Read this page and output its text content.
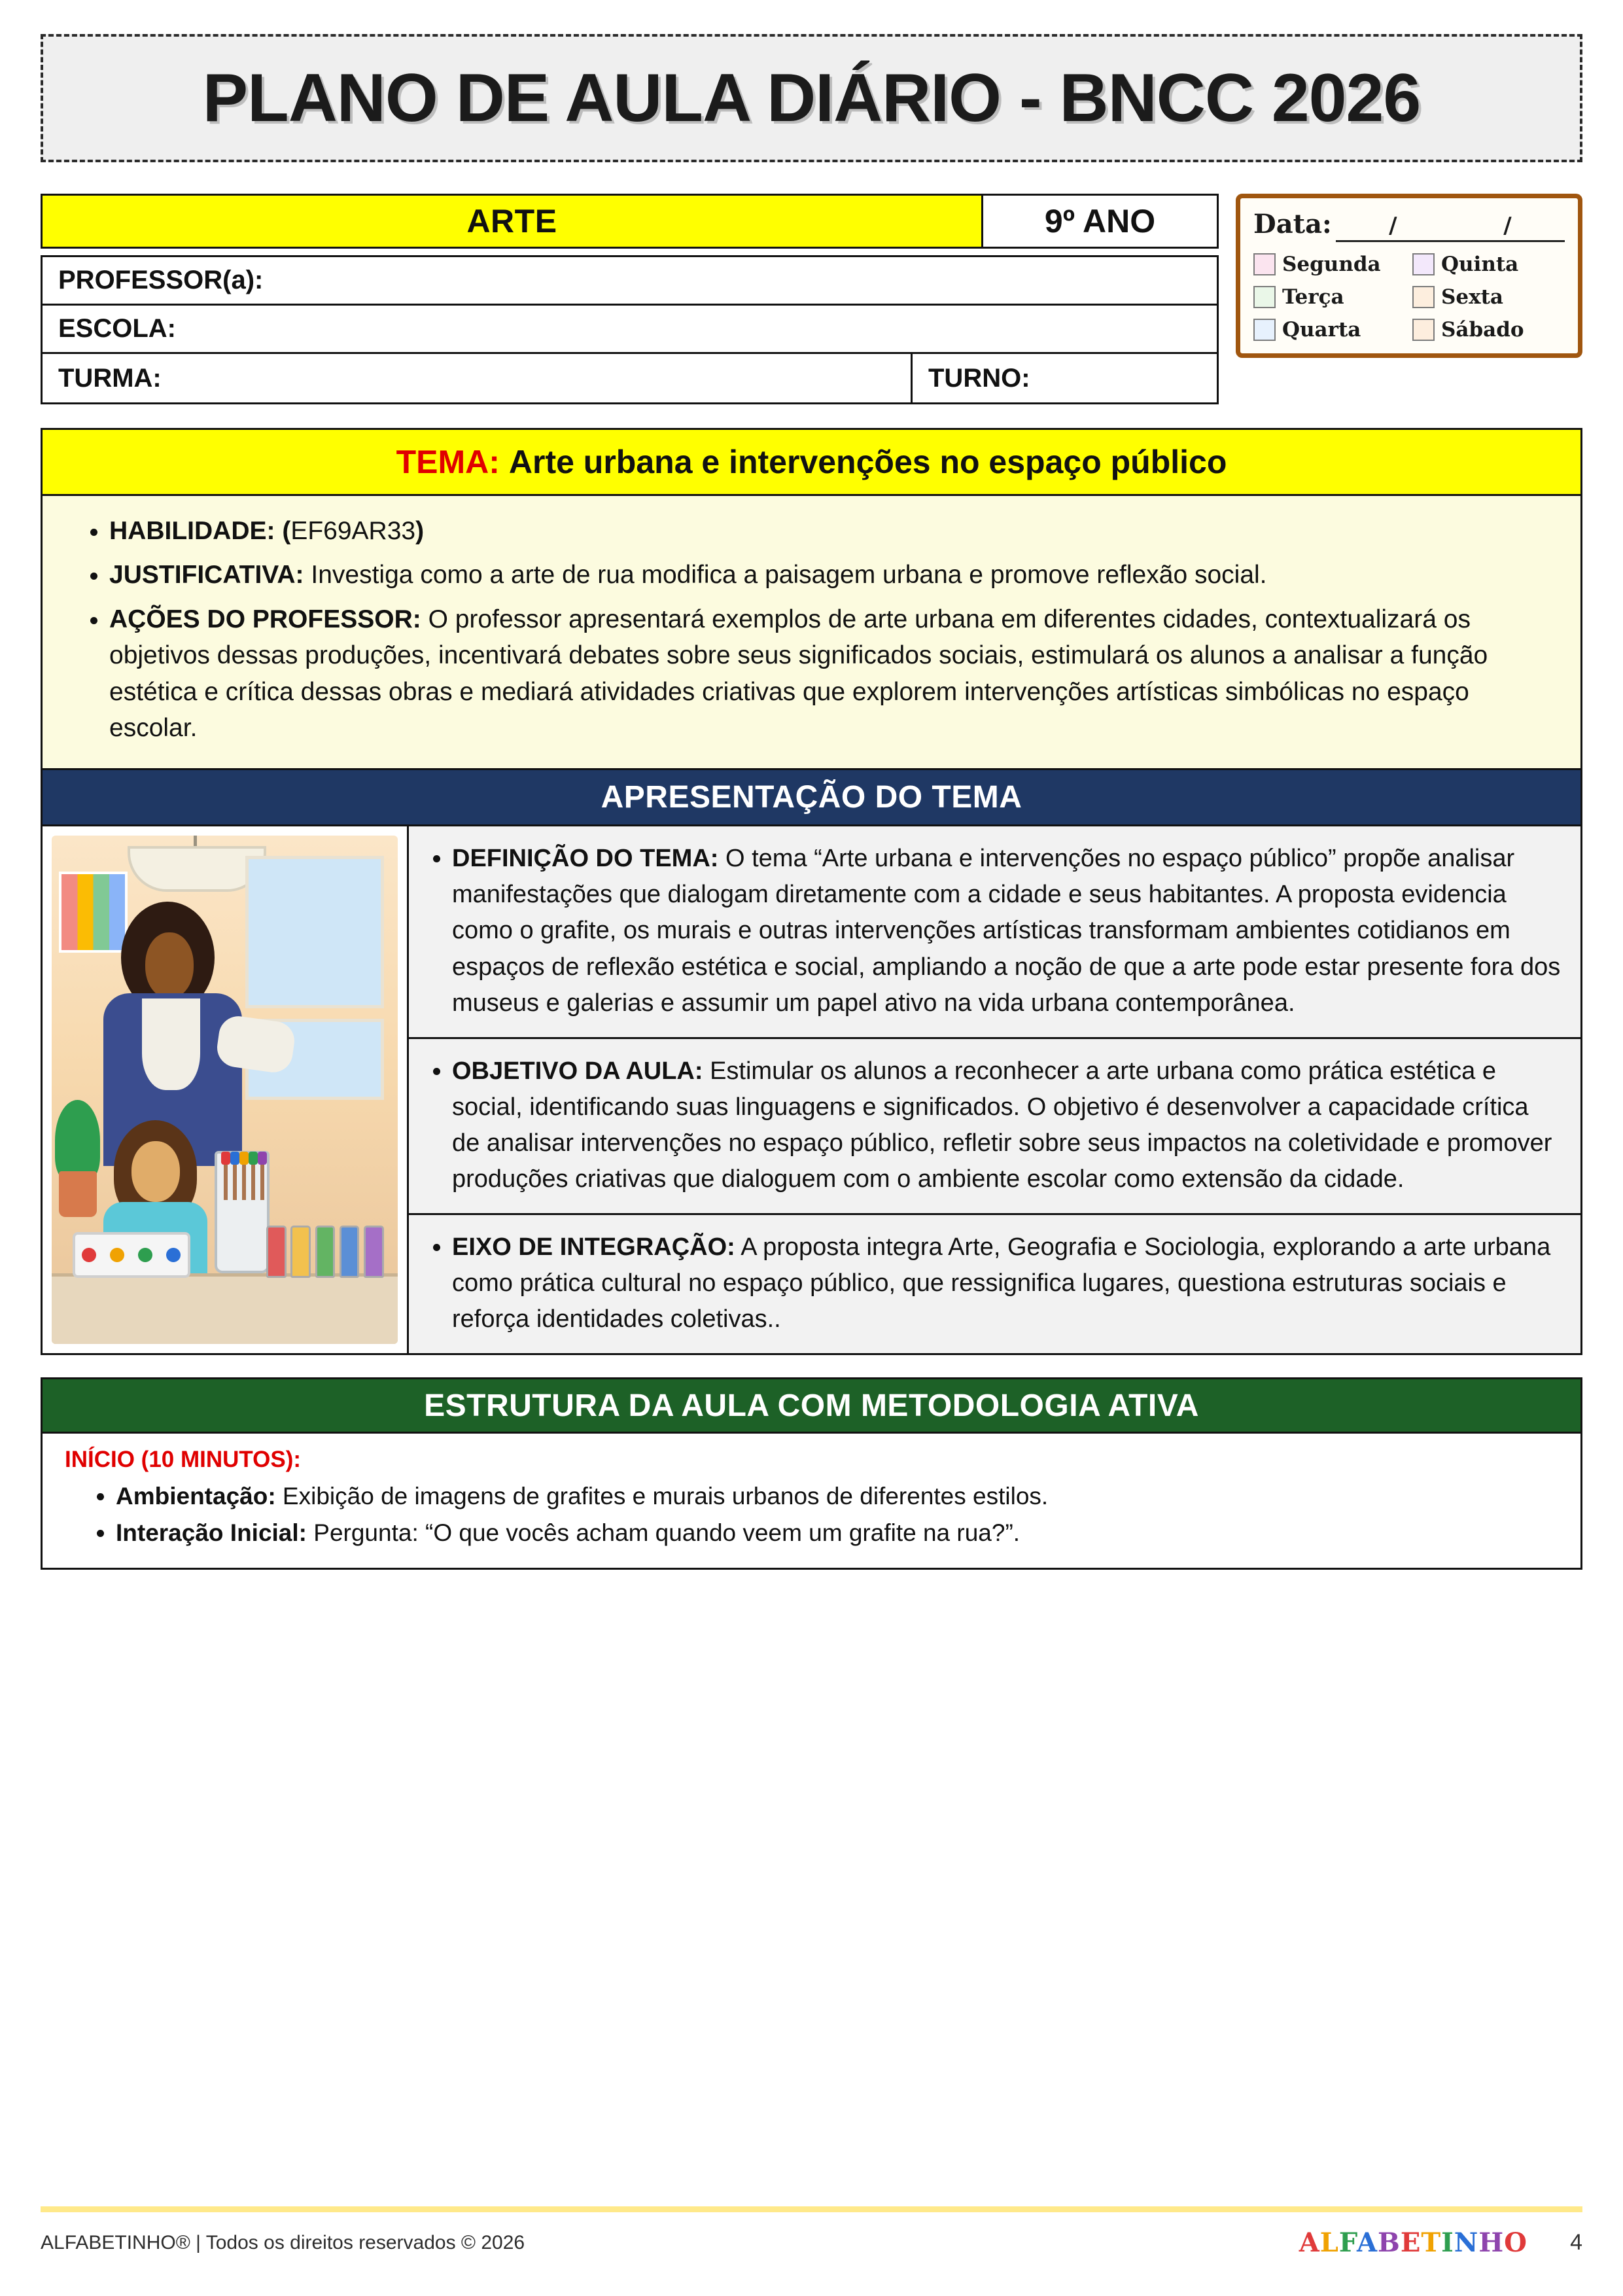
PLANO DE AULA DIÁRIO - BNCC 2026
ARTE	9º ANO
PROFESSOR(a):
ESCOLA:
TURMA:	TURNO:
Data:	/	/
Segunda	Quinta
Terça	Sexta
Quarta	Sábado
TEMA: Arte urbana e intervenções no espaço público
• HABILIDADE: (EF69AR33)
• JUSTIFICATIVA: Investiga como a arte de rua modifica a paisagem urbana e promove reflexão social.
• AÇÕES DO PROFESSOR: O professor apresentará exemplos de arte urbana em diferentes cidades, contextualizará os objetivos dessas produções, incentivará debates sobre seus significados sociais, estimulará os alunos a analisar a função estética e crítica dessas obras e mediará atividades criativas que explorem intervenções artísticas simbólicas no espaço escolar.
APRESENTAÇÃO DO TEMA
• DEFINIÇÃO DO TEMA: O tema “Arte urbana e intervenções no espaço público” propõe analisar manifestações que dialogam diretamente com a cidade e seus habitantes. A proposta evidencia como o grafite, os murais e outras intervenções artísticas transformam ambientes cotidianos em espaços de reflexão estética e social, ampliando a noção de que a arte pode estar presente fora dos museus e galerias e assumir um papel ativo na vida urbana contemporânea.
• OBJETIVO DA AULA: Estimular os alunos a reconhecer a arte urbana como prática estética e social, identificando suas linguagens e significados. O objetivo é desenvolver a capacidade crítica de analisar intervenções no espaço público, refletir sobre seus impactos na coletividade e promover produções criativas que dialoguem com o ambiente escolar como extensão da cidade.
• EIXO DE INTEGRAÇÃO: A proposta integra Arte, Geografia e Sociologia, explorando a arte urbana como prática cultural no espaço público, que ressignifica lugares, questiona estruturas sociais e reforça identidades coletivas..
ESTRUTURA DA AULA COM METODOLOGIA ATIVA
INÍCIO (10 MINUTOS):
• Ambientação: Exibição de imagens de grafites e murais urbanos de diferentes estilos.
• Interação Inicial: Pergunta: “O que vocês acham quando veem um grafite na rua?”.
ALFABETINHO® | Todos os direitos reservados © 2026	ALFABETINHO	4
